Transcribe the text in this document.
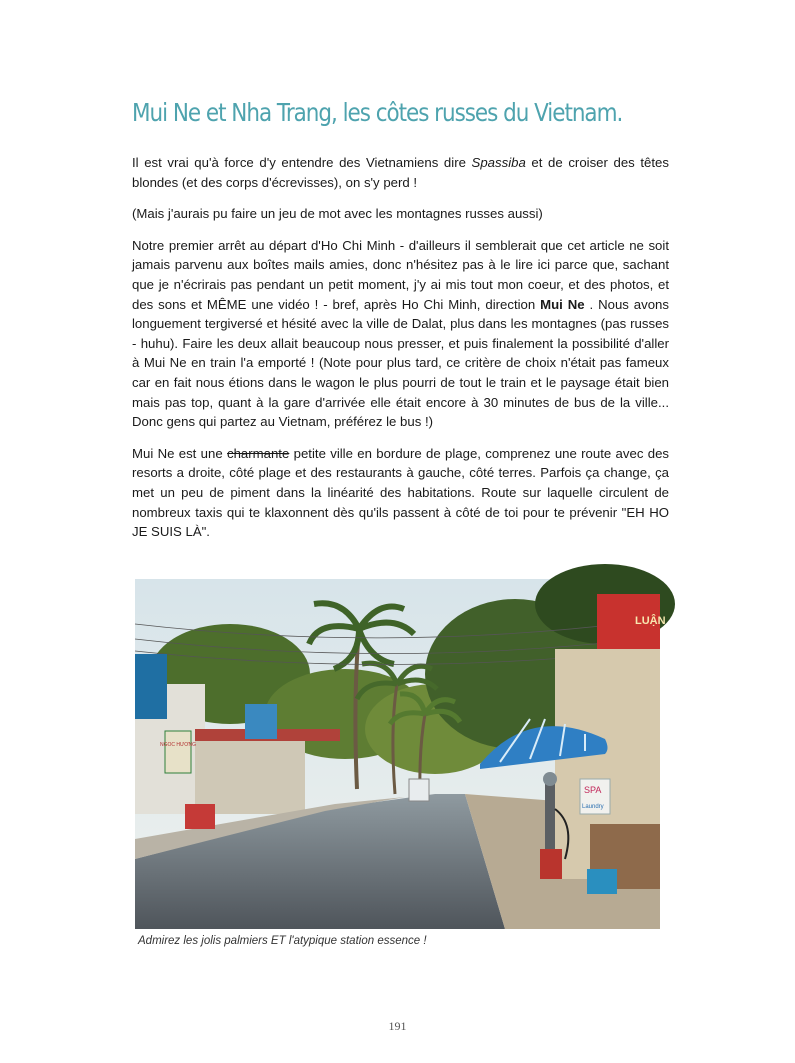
Mui Ne et Nha Trang, les côtes russes du Vietnam.

Il est vrai qu'à force d'y entendre des Vietnamiens dire Spassiba et de croiser des têtes blondes (et des corps d'écrevisses), on s'y perd !

(Mais j'aurais pu faire un jeu de mot avec les montagnes russes aussi)

Notre premier arrêt au départ d'Ho Chi Minh - d'ailleurs il semblerait que cet article ne soit jamais parvenu aux boîtes mails amies, donc n'hésitez pas à le lire ici parce que, sachant que je n'écrirais pas pendant un petit moment, j'y ai mis tout mon coeur, et des photos, et des sons et MÊME une vidéo ! - bref, après Ho Chi Minh, direction Mui Ne . Nous avons longuement tergiversé et hésité avec la ville de Dalat, plus dans les montagnes (pas russes - huhu). Faire les deux allait beaucoup nous presser, et puis finalement la possibilité d'aller à Mui Ne en train l'a emporté ! (Note pour plus tard, ce critère de choix n'était pas fameux car en fait nous étions dans le wagon le plus pourri de tout le train et le paysage était bien mais pas top, quant à la gare d'arrivée elle était encore à 30 minutes de bus de la ville... Donc gens qui partez au Vietnam, préférez le bus !)

Mui Ne est une charmante petite ville en bordure de plage, comprenez une route avec des resorts a droite, côté plage et des restaurants à gauche, côté terres. Parfois ça change, ça met un peu de piment dans la linéarité des habitations. Route sur laquelle circulent de nombreux taxis qui te klaxonnent dès qu'ils passent à côté de toi pour te prévenir "EH HO JE SUIS LÀ".

NGOC HƯƠNG
LUẬN
SPA
Laundry

Admirez les jolis palmiers ET l'atypique station essence !

191
